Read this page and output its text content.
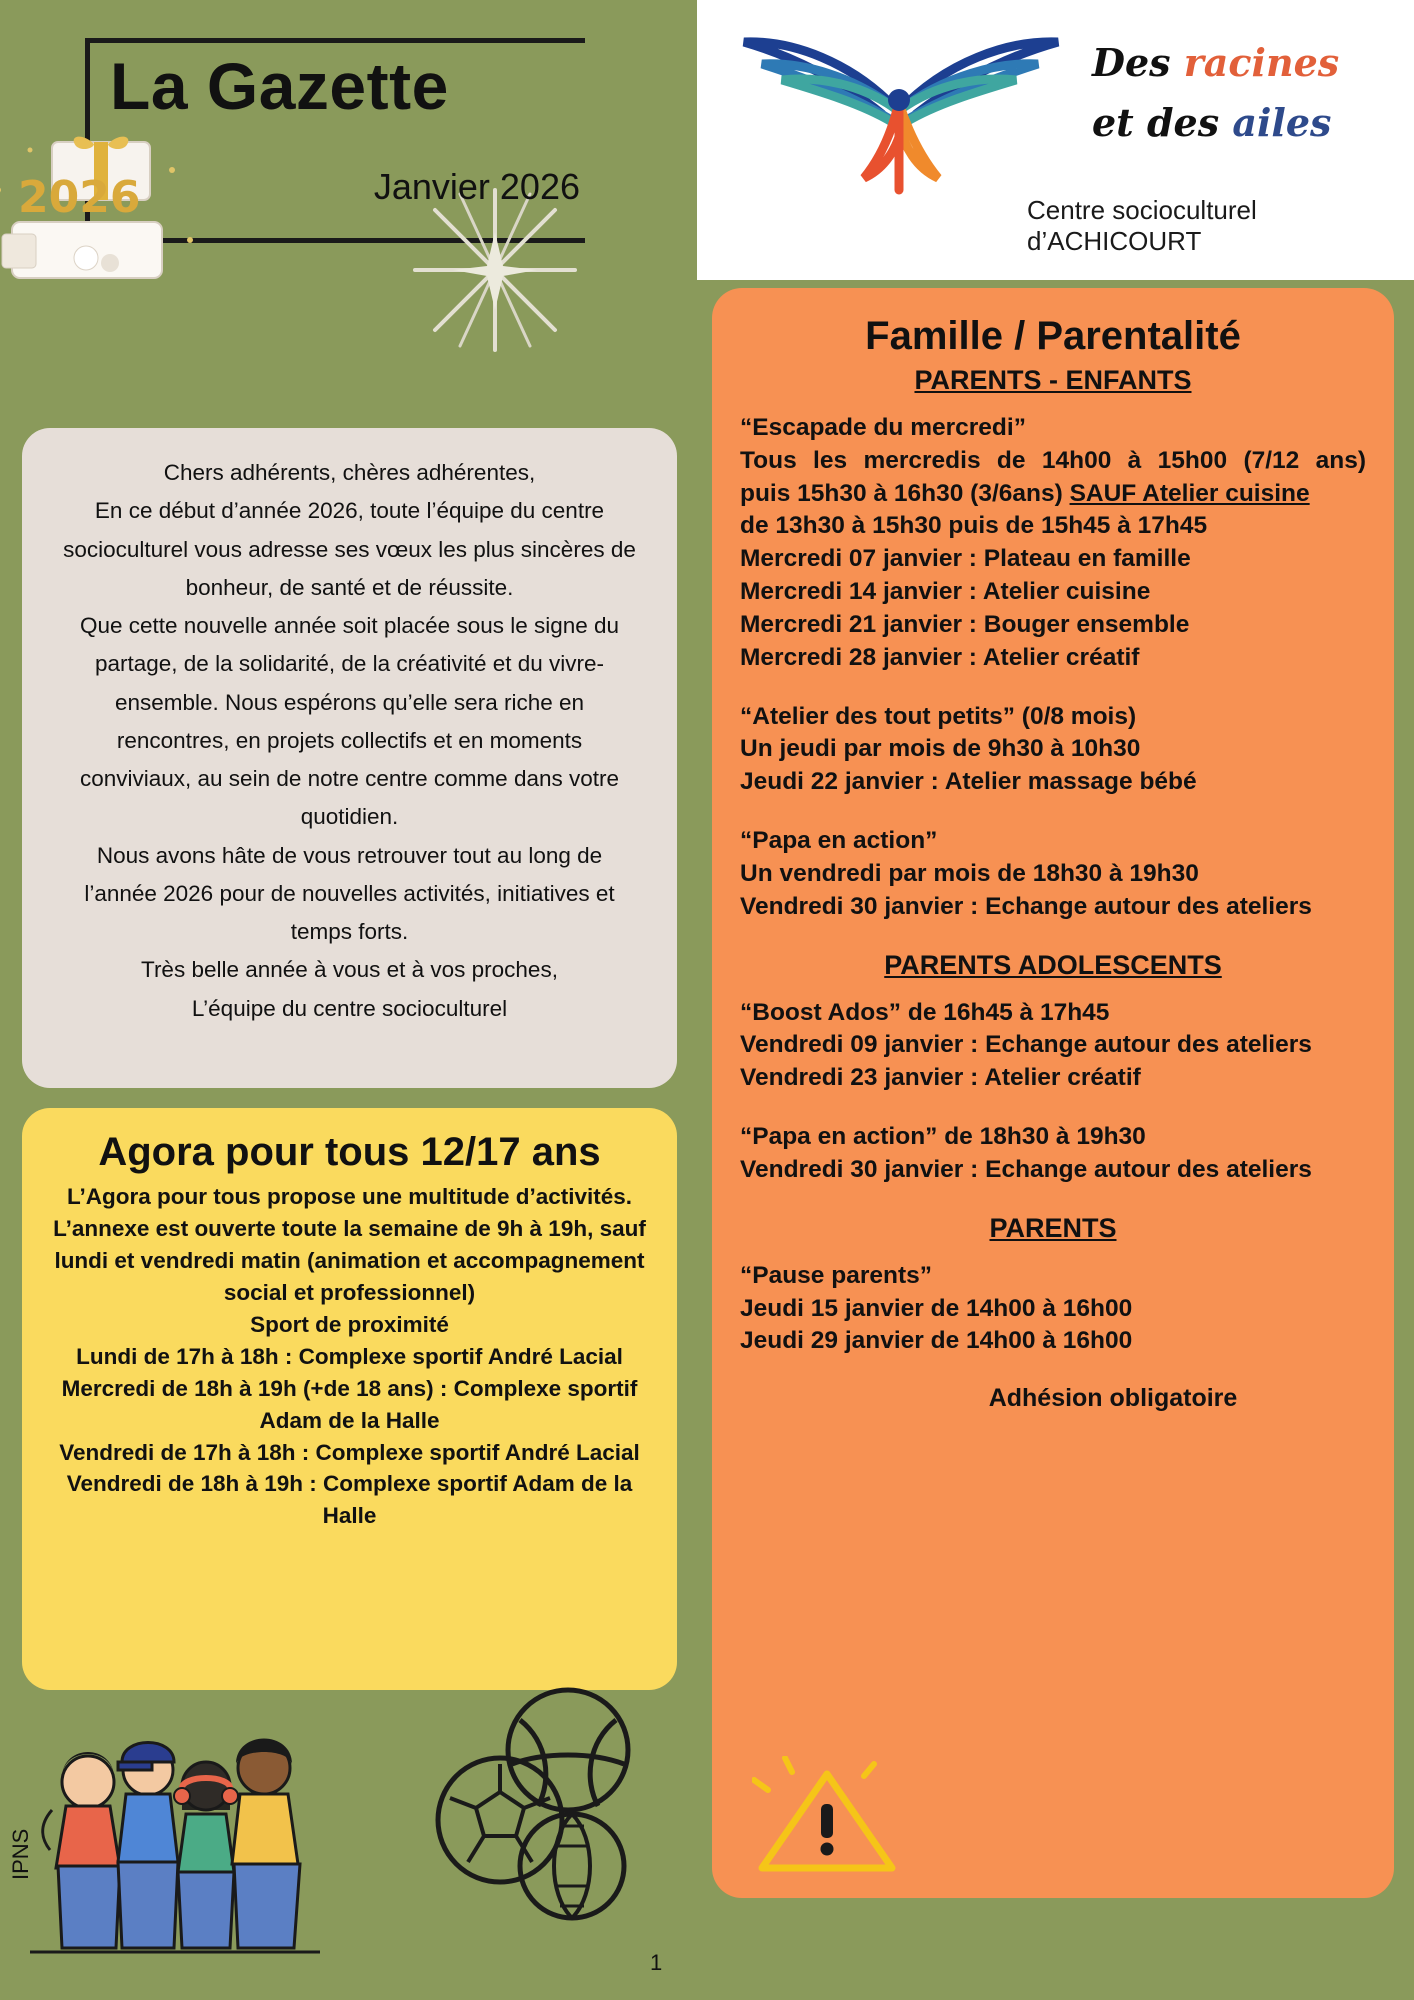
2026
La Gazette
Janvier 2026
Des racines
et des ailes
Centre socioculturel d’ACHICOURT

Chers adhérents, chères adhérentes,

En ce début d’année 2026, toute l’équipe du centre socioculturel vous adresse ses vœux les plus sincères de bonheur, de santé et de réussite.

Que cette nouvelle année soit placée sous le signe du partage, de la solidarité, de la créativité et du vivre-ensemble. Nous espérons qu’elle sera riche en rencontres, en projets collectifs et en moments conviviaux, au sein de notre centre comme dans votre quotidien.

Nous avons hâte de vous retrouver tout au long de l’année 2026 pour de nouvelles activités, initiatives et temps forts.

Très belle année à vous et à vos proches,

L’équipe du centre socioculturel

Agora pour tous 12/17 ans

L’Agora pour tous propose une multitude d’activités.

L’annexe est ouverte toute la semaine de 9h à 19h, sauf lundi et vendredi matin (animation et accompagnement social et professionnel)

Sport de proximité

Lundi de 17h à 18h : Complexe sportif André Lacial

Mercredi de 18h à 19h (+de 18 ans) : Complexe sportif Adam de la Halle

Vendredi de 17h à 18h : Complexe sportif André Lacial

Vendredi de 18h à 19h : Complexe sportif Adam de la Halle

Famille / Parentalité
PARENTS - ENFANTS
“Escapade du mercredi”
Tous les mercredis de 14h00 à 15h00 (7/12 ans)
puis 15h30 à 16h30 (3/6ans) SAUF Atelier cuisine
de 13h30 à 15h30 puis de 15h45 à 17h45
Mercredi 07 janvier : Plateau en famille
Mercredi 14 janvier : Atelier cuisine
Mercredi 21 janvier : Bouger ensemble
Mercredi 28 janvier : Atelier créatif
“Atelier des tout petits” (0/8 mois)
Un jeudi par mois de 9h30 à 10h30
Jeudi 22 janvier : Atelier massage bébé
“Papa en action”
Un vendredi par mois de 18h30 à 19h30
Vendredi 30 janvier : Echange autour des ateliers
PARENTS ADOLESCENTS
“Boost Ados” de 16h45 à 17h45
Vendredi 09 janvier : Echange autour des ateliers
Vendredi 23 janvier : Atelier créatif
“Papa en action” de 18h30 à 19h30
Vendredi 30 janvier : Echange autour des ateliers
PARENTS
“Pause parents”
Jeudi 15 janvier de 14h00 à 16h00
Jeudi 29 janvier de 14h00 à 16h00
Adhésion obligatoire
IPNS
1
